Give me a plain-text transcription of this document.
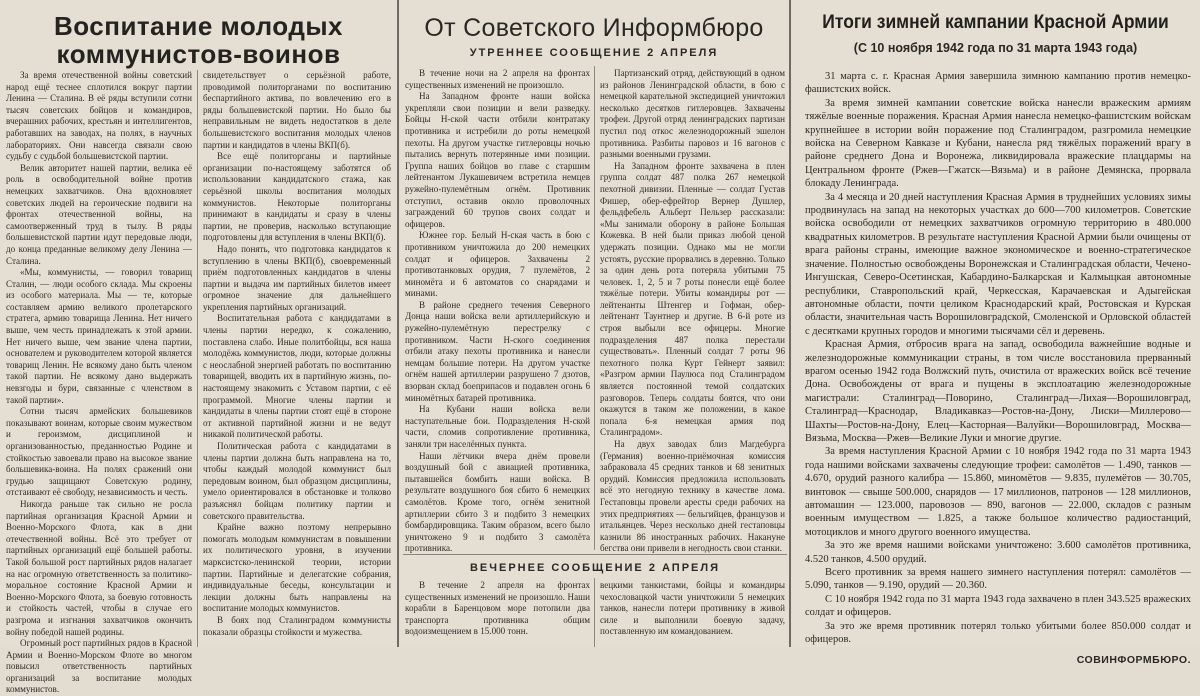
Воспитание молодых
коммунистов-воинов

За время отечественной войны советский народ ещё теснее сплотился вокруг партии Ленина — Сталина. В её ряды вступили сотни тысяч советских бойцов и командиров, вчерашних рабочих, крестьян и интеллигентов, работавших на заводах, на полях, в научных лабораториях. Они навсегда связали свою судьбу с судьбой большевистской партии.

Велик авторитет нашей партии, велика её роль в освободительной войне против немецких захватчиков. Она вдохновляет советских людей на героические подвиги на фронтах отечественной войны, на самоотверженный труд в тылу. В ряды большевистской партии идут передовые люди, до конца преданные великому делу Ленина — Сталина.

«Мы, коммунисты, — говорил товарищ Сталин, — люди особого склада. Мы скроены из особого материала. Мы — те, которые составляем армию великого пролетарского стратега, армию товарища Ленина. Нет ничего выше, чем честь принадлежать к этой армии. Нет ничего выше, чем звание члена партии, основателем и руководителем которой является товарищ Ленин. Не всякому дано быть членом такой партии. Не всякому дано выдержать невзгоды и бури, связанные с членством в такой партии».

Сотни тысяч армейских большевиков показывают воинам, которые своим мужеством и героизмом, дисциплиной и организованностью, преданностью Родине и стойкостью завоевали право на высокое звание большевика-воина. На полях сражений они грудью защищают Советскую родину, отстаивают её свободу, независимость и честь.

Никогда раньше так сильно не росла партийная организация Красной Армии и Военно-Морского Флота, как в дни отечественной войны. Всё это требует от партийных организаций ещё большей работы. Такой большой рост партийных рядов налагает на нас огромную ответственность за политико-моральное состояние Красной Армии и Военно-Морского Флота, за боевую готовность и стойкость частей, чтобы в случае его разгрома и изгнания захватчиков окончить войну победой нашей родины.

Огромный рост партийных рядов в Красной Армии и Военно-Морском Флоте во многом повысил ответственность партийных организаций за воспитание молодых коммунистов.

свидетельствует о серьёзной работе, проводимой политорганами по воспитанию беспартийного актива, по вовлечению его в ряды большевистской партии. Но было бы неправильным не видеть недостатков в деле большевистского воспитания молодых членов партии и кандидатов в члены ВКП(б).

Все ещё политорганы и партийные организации по-настоящему заботятся об использовании кандидатского стажа, как серьёзной школы воспитания молодых коммунистов. Некоторые политорганы принимают в кандидаты и сразу в члены партии, не проверив, насколько вступающие подготовлены для вступления в члены ВКП(б).

Надо понять, что подготовка кандидатов к вступлению в члены ВКП(б), своевременный приём подготовленных кандидатов в члены партии и выдача им партийных билетов имеет огромное значение для дальнейшего укрепления партийных организаций.

Воспитательная работа с кандидатами в члены партии нередко, к сожалению, поставлена слабо. Иные политбойцы, вся наша молодёжь коммунистов, люди, которые должны с неослабной энергией работать по воспитанию товарищей, вводить их в партийную жизнь, по-настоящему знакомить с Уставом партии, с её программой. Многие члены партии и кандидаты в члены партии стоят ещё в стороне от активной партийной жизни и не ведут никакой политической работы.

Политическая работа с кандидатами в члены партии должна быть направлена на то, чтобы каждый молодой коммунист был передовым воином, был образцом дисциплины, умело ориентировался в обстановке и толково разъяснял бойцам политику партии и советского правительства.

Крайне важно поэтому непрерывно помогать молодым коммунистам в повышении их политического уровня, в изучении марксистско-ленинской теории, истории партии. Партийные и делегатские собрания, индивидуальные беседы, консультации и лекции должны быть направлены на воспитание молодых коммунистов.

В боях под Сталинградом коммунисты показали образцы стойкости и мужества.

От Советского Информбюро
УТРЕННЕЕ СООБЩЕНИЕ 2 АПРЕЛЯ

В течение ночи на 2 апреля на фронтах существенных изменений не произошло.

На Западном фронте наши войска укрепляли свои позиции и вели разведку. Бойцы Н-ской части отбили контратаку противника и истребили до роты немецкой пехоты. На другом участке гитлеровцы ночью пытались вернуть потерянные ими позиции. Группа наших бойцов во главе с старшим лейтенантом Лукашевичем встретила немцев ружейно-пулемётным огнём. Противник отступил, оставив около проволочных заграждений 60 трупов своих солдат и офицеров.

Южнее гор. Белый Н-ская часть в бою с противником уничтожила до 200 немецких солдат и офицеров. Захвачены 2 противотанковых орудия, 7 пулемётов, 2 миномёта и 6 автоматов со снарядами и минами.

В районе среднего течения Северного Донца наши войска вели артиллерийскую и ружейно-пулемётную перестрелку с противником. Части Н-ского соединения отбили атаку пехоты противника и нанесли немцам большие потери. На другом участке огнём нашей артиллерии разрушено 7 дзотов, взорван склад боеприпасов и подавлен огонь 6 миномётных батарей противника.

На Кубани наши войска вели наступательные бои. Подразделения Н-ской части, сломив сопротивление противника, заняли три населённых пункта.

Наши лётчики вчера днём провели воздушный бой с авиацией противника, пытавшейся бомбить наши войска. В результате воздушного боя сбито 6 немецких самолётов. Кроме того, огнём зенитной артиллерии сбито 3 и подбито 3 немецких бомбардировщика. Таким образом, всего было уничтожено 9 и подбито 3 самолёта противника.

Партизанский отряд, действующий в одном из районов Ленинградской области, в бою с немецкой карательной экспедицией уничтожил несколько десятков гитлеровцев. Захвачены трофеи. Другой отряд ленинградских партизан пустил под откос железнодорожный эшелон противника. Разбиты паровоз и 16 вагонов с разными военными грузами.

На Западном фронте захвачена в плен группа солдат 487 полка 267 немецкой пехотной дивизии. Пленные — солдат Густав Фишер, обер-ефрейтор Вернер Душлер, фельдфебель Альберт Пельзер рассказали: «Мы занимали оборону в районе Большая Кожевка. В ней были приказ любой ценой удержать позиции. Однако мы не могли устоять, русские прорвались в деревню. Только за один день рота потеряла убитыми 75 человек. 1, 2, 5 и 7 роты понесли ещё более тяжёлые потери. Убиты командиры рот — лейтенанты Штенгер и Гофман, обер-лейтенант Таунтнер и другие. В 6-й роте из строя выбыли все офицеры. Многие подразделения 487 полка перестали существовать». Пленный солдат 7 роты 96 пехотного полка Курт Гейнерт заявил: «Разгром армии Паулюса под Сталинградом является постоянной темой солдатских разговоров. Теперь солдаты боятся, что они окажутся в таком же положении, в какое попала 6-я немецкая армия под Сталинградом».

На двух заводах близ Магдебурга (Германия) военно-приёмочная комиссия забраковала 45 средних танков и 68 зенитных орудий. Комиссия предложила использовать всё это негодную технику в качестве лома. Гестаповцы провели аресты среди рабочих на этих предприятиях — бельгийцев, французов и итальянцев. Через несколько дней гестаповцы казнили 86 иностранных рабочих. Накануне бегства они привели в негодность свои станки.

ВЕЧЕРНЕЕ СООБЩЕНИЕ 2 АПРЕЛЯ

В течение 2 апреля на фронтах существенных изменений не произошло. Наши корабли в Баренцовом море потопили два транспорта противника общим водоизмещением в 15.000 тонн.

вецкими танкистами, бойцы и командиры чехословацкой части уничтожили 5 немецких танков, нанесли потери противнику в живой силе и выполнили боевую задачу, поставленную им командованием.

Итоги зимней кампании Красной Армии
(С 10 ноября 1942 года по 31 марта 1943 года)

31 марта с. г. Красная Армия завершила зимнюю кампанию против немецко-фашистских войск.

За время зимней кампании советские войска нанесли вражеским армиям тяжёлые военные поражения. Красная Армия нанесла немецко-фашистским войскам крупнейшее в истории войн поражение под Сталинградом, разгромила немецкие войска на Северном Кавказе и Кубани, нанесла ряд тяжёлых поражений врагу в районе среднего Дона и Воронежа, ликвидировала вражеские плацдармы на Центральном фронте (Ржев—Гжатск—Вязьма) и в районе Демянска, прорвала блокаду Ленинграда.

За 4 месяца и 20 дней наступления Красная Армия в труднейших условиях зимы продвинулась на запад на некоторых участках до 600—700 километров. Советские войска освободили от немецких захватчиков огромную территорию в 480.000 квадратных километров. В результате наступления Красной Армии были очищены от врага районы страны, имеющие важное экономическое и военно-стратегическое значение. Полностью освобождены Воронежская и Сталинградская области, Чечено-Ингушская, Северо-Осетинская, Кабардино-Балкарская и Калмыцкая автономные республики, Ставропольский край, Черкесская, Карачаевская и Адыгейская автономные области, почти целиком Краснодарский край, Ростовская и Курская области, значительная часть Ворошиловградской, Смоленской и Орловской областей с десятками крупных городов и многими тысячами сёл и деревень.

Красная Армия, отбросив врага на запад, освободила важнейшие водные и железнодорожные коммуникации страны, в том числе восстановила прерванный врагом осенью 1942 года Волжский путь, очистила от вражеских войск всё течение Дона. Освобождены от врага и пущены в эксплоатацию железнодорожные магистрали: Сталинград—Поворино, Сталинград—Лихая—Ворошиловград, Сталинград—Краснодар, Владикавказ—Ростов-на-Дону, Лиски—Миллерово—Шахты—Ростов-на-Дону, Елец—Касторная—Валуйки—Ворошиловград, Москва—Вязьма, Москва—Ржев—Великие Луки и многие другие.

За время наступления Красной Армии с 10 ноября 1942 года по 31 марта 1943 года нашими войсками захвачены следующие трофеи: самолётов — 1.490, танков — 4.670, орудий разного калибра — 15.860, миномётов — 9.835, пулемётов — 30.705, винтовок — свыше 500.000, снарядов — 17 миллионов, патронов — 128 миллионов, автомашин — 123.000, паровозов — 890, вагонов — 22.000, складов с разным военным имуществом — 1.825, а также большое количество радиостанций, мотоциклов и много другого военного имущества.

За это же время нашими войсками уничтожено: 3.600 самолётов противника, 4.520 танков, 4.500 орудий.

Всего противник за время нашего зимнего наступления потерял: самолётов — 5.090, танков — 9.190, орудий — 20.360.

С 10 ноября 1942 года по 31 марта 1943 года захвачено в плен 343.525 вражеских солдат и офицеров.

За это же время противник потерял только убитыми более 850.000 солдат и офицеров.

СОВИНФОРМБЮРО.
